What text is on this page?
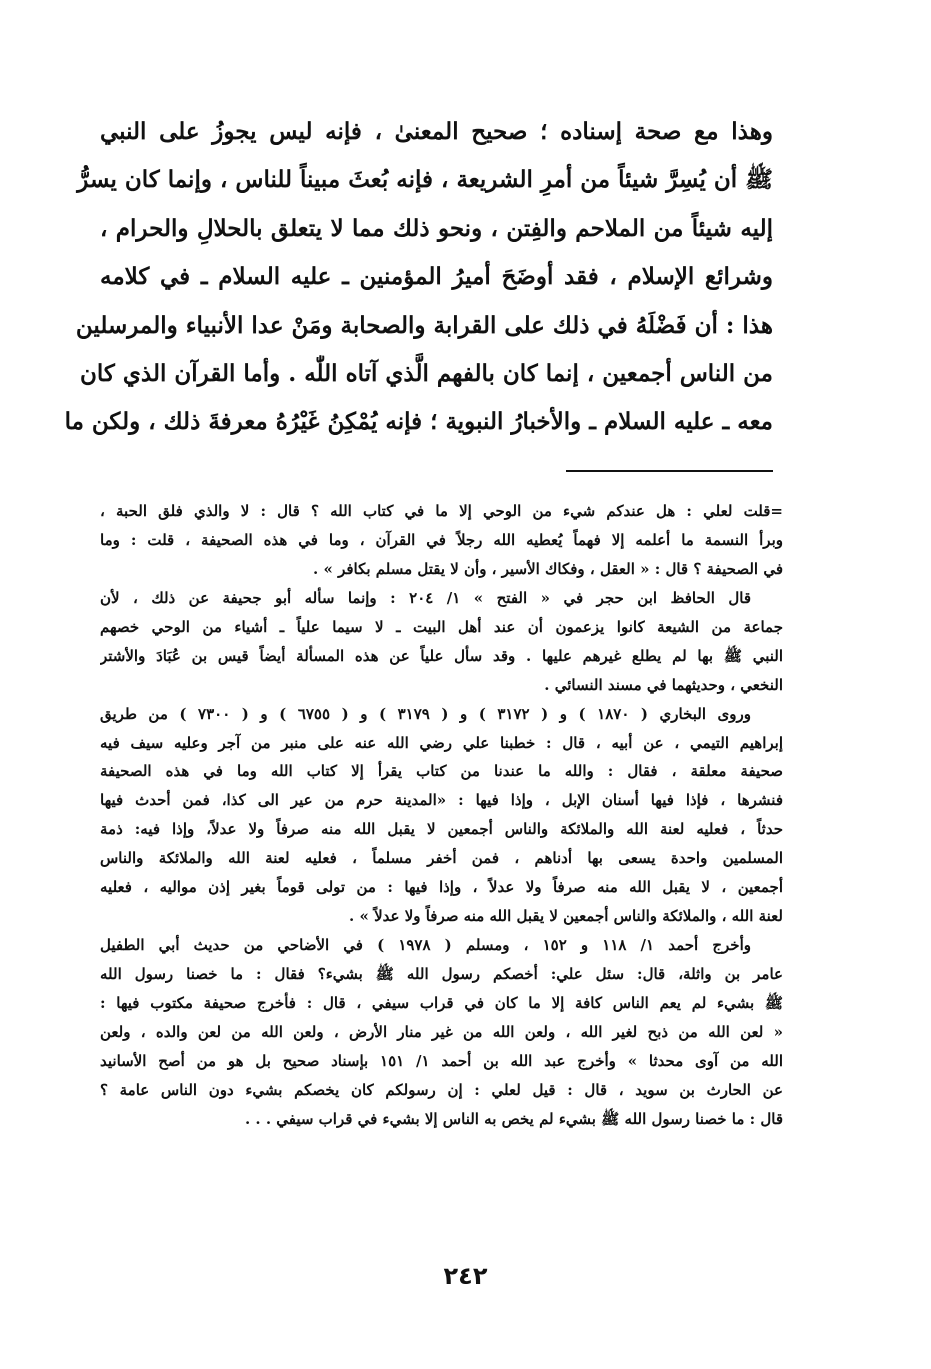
وهذا مع صحة إسناده ؛ صحيح المعنىٰ ، فإنه ليس يجوزُ على النبي
ﷺ أن يُسِرَّ شيئاً من أمرِ الشريعة ، فإنه بُعثَ مبيناً للناس ، وإنما كان يسرُّ
إليه شيئاً من الملاحم والفِتن ، ونحو ذلك مما لا يتعلق بالحلالِ والحرام ،
وشرائع الإسلام ، فقد أوضَحَ أميرُ المؤمنين ـ عليه السلام ـ في كلامه
هذا : أن فَضْلَهُ في ذلك على القرابة والصحابة ومَنْ عدا الأنبياء والمرسلين
من الناس أجمعين ، إنما كان بالفهم الَّذي آتاه اللّٰه . وأما القرآن الذي كان
معه ـ عليه السلام ـ والأخبارُ النبوية ؛ فإنه يُمْكِنُ غَيْرُهُ معرفةَ ذلك ، ولكن ما
=قلت لعلي : هل عندكم شيء من الوحي إلا ما في كتاب الله ؟ قال : لا والذي فلق الحبة ،
وبرأ النسمة ما أعلمه إلا فهماً يُعطيه الله رجلاً في القرآن ، وما في هذه الصحيفة ، قلت : وما
في الصحيفة ؟ قال : « العقل ، وفكاك الأسير ، وأن لا يقتل مسلم بكافر » .
قال الحافظ ابن حجر في « الفتح » ١/ ٢٠٤ : وإنما سأله أبو جحيفة عن ذلك ، لأن
جماعة من الشيعة كانوا يزعمون أن عند أهل البيت ـ لا سيما علياً ـ أشياء من الوحي خصهم
النبي ﷺ بها لم يطلع غيرهم عليها . وقد سأل علياً عن هذه المسألة أيضاً قيس بن عُبَادَ والأشتر
النخعي ، وحديثهما في مسند النسائي .
وروى البخاري ( ١٨٧٠ ) و ( ٣١٧٢ ) و ( ٣١٧٩ ) و ( ٦٧٥٥ ) و ( ٧٣٠٠ ) من طريق
إبراهيم التيمي ، عن أبيه ، قال : خطبنا علي رضي الله عنه على منبر من آجر وعليه سيف فيه
صحيفة معلقة ، فقال : والله ما عندنا من كتاب يقرأ إلا كتاب الله وما في هذه الصحيفة
فنشرها ، فإذا فيها أسنان الإبل ، وإذا فيها : «المدينة حرم من عير الى كذا، فمن أحدث فيها
حدثاً ، فعليه لعنة الله والملائكة والناس أجمعين لا يقبل الله منه صرفاً ولا عدلاً، وإذا فيه: ذمة
المسلمين واحدة يسعى بها أدناهم ، فمن أخفر مسلماً ، فعليه لعنة الله والملائكة والناس
أجمعين ، لا يقبل الله منه صرفاً ولا عدلاً ، وإذا فيها : من تولى قوماً بغير إذن مواليه ، فعليه
لعنة الله ، والملائكة والناس أجمعين لا يقبل الله منه صرفاً ولا عدلاً » .
وأخرج أحمد ١/ ١١٨ و ١٥٢ ، ومسلم ( ١٩٧٨ ) في الأضاحي من حديث أبي الطفيل
عامر بن واثلة، قال: سئل علي: أخصكم رسول الله ﷺ بشيء؟ فقال : ما خصنا رسول الله
ﷺ بشيء لم يعم الناس كافة إلا ما كان في قراب سيفي ، قال : فأخرج صحيفة مكتوب فيها :
« لعن الله من ذبح لغير الله ، ولعن الله من غير منار الأرض ، ولعن الله من لعن والده ، ولعن
الله من آوى محدثا » وأخرج عبد الله بن أحمد ١/ ١٥١ بإسناد صحيح بل هو من أصح الأسانيد
عن الحارث بن سويد ، قال : قيل لعلي : إن رسولكم كان يخصكم بشيء دون الناس عامة ؟
قال : ما خصنا رسول الله ﷺ بشيء لم يخص به الناس إلا بشيء في قراب سيفي . . .
٢٤٢
